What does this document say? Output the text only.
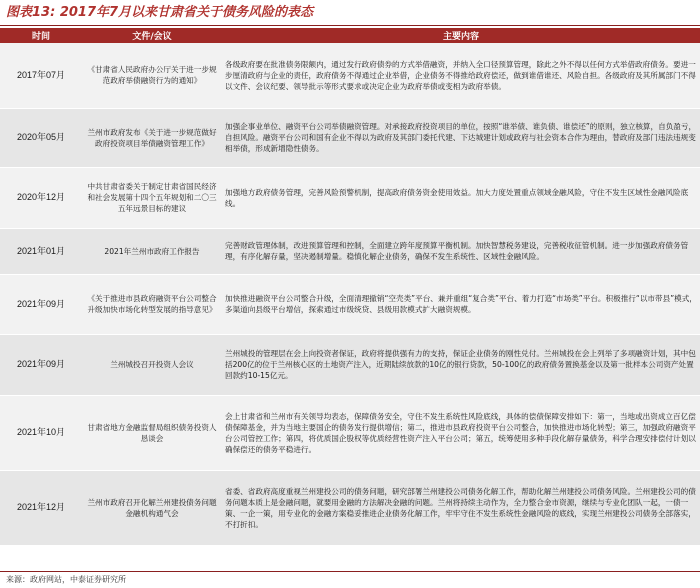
图表13: 2017年7月以来甘肃省关于债务风险的表态
时间	文件/会议	主要内容
2017年07月	《甘肃省人民政府办公厅关于进一步规范政府举债融资行为的通知》	各级政府要在批准债务限额内，通过发行政府债券的方式举借融资，并纳入全口径预算管理，除此之外不得以任何方式举借政府债务。要进一步厘清政府与企业的责任，政府债务不得通过企业举借，企业债务不得推给政府偿还，做到谁借谁还、风险自担。各级政府及其所属部门不得以文件、会议纪要、领导批示等形式要求或决定企业为政府举债或变相为政府举债。
2020年05月	兰州市政府发布《关于进一步规范做好政府投资项目举债融资管理工作》	加强企事业单位、融资平台公司举债融资管理。对承接政府投资项目的单位，按照“谁举债、谁负债、谁偿还”的原则，独立核算，自负盈亏，自担风险。融资平台公司和国有企业不得以为政府及其部门委托代建、下达城建计划或政府与社会资本合作为理由，替政府及部门违法违规变相举债，形成新增隐性债务。
2020年12月	中共甘肃省委关于制定甘肃省国民经济和社会发展第十四个五年规划和二〇三五年远景目标的建议	加强地方政府债务管理，完善风险预警机制，提高政府债务资金使用效益。加大力度处置重点领域金融风险，守住不发生区域性金融风险底线。
2021年01月	2021年兰州市政府工作报告	完善财政管理体制，改进预算管理和控制，全面建立跨年度预算平衡机制。加快智慧税务建设，完善税收征管机制。进一步加强政府债务管理，有序化解存量，坚决遏制增量。稳慎化解企业债务，确保不发生系统性、区域性金融风险。
2021年09月	《关于推进市县政府融资平台公司整合升级加快市场化转型发展的指导意见》	加快推进融资平台公司整合升级，全面清理撤销“空壳类”平台、兼并重组“复合类”平台、着力打造“市场类”平台。积极推行“以市带县”模式，多渠道向县级平台增信，探索通过市级统贷、县级用款模式扩大融资规模。
2021年09月	兰州城投召开投资人会议	兰州城投的管理层在会上向投资者保证，政府将提供强有力的支持，保证企业债务的刚性兑付。兰州城投在会上列举了多项融资计划，其中包括200亿的位于兰州核心区的土地资产注入，近期陆续放款的10亿的银行贷款，50-100亿的政府债务置换基金以及第一批样本公司资产处置回款约10-15亿元。
2021年10月	甘肃省地方金融监督局组织债务投资人恳谈会	会上甘肃省和兰州市有关领导均表态，保障债务安全，守住不发生系统性风险底线，具体的偿债保障安排如下：第一，当地或出资成立百亿偿债保障基金，并为当地主要国企的债务发行提供增信；第二，推进市县政府投资平台公司整合，加快推进市场化转型；第三，加强政府融资平台公司管控工作；第四，将优质国企股权等优质经营性资产注入平台公司；第五，统筹使用多种手段化解存量债务，科学合理安排偿付计划以确保偿还的债务平稳进行。
2021年12月	兰州市政府召开化解兰州建投债务问题金融机构通气会	省委、省政府高度重视兰州建投公司的债务问题，研究部署兰州建投公司债务化解工作，帮助化解兰州建投公司债务风险。兰州建投公司的债务问题本质上是金融问题，就要用金融的方法解决金融的问题。兰州将持续主动作为，全力整合金市资源，继续与专业化团队一起，一债一策、一企一策，用专业化的金融方案稳妥推进企业债务化解工作，牢牢守住不发生系统性金融风险的底线，实现兰州建投公司债务全部落实，不打折扣。
来源：政府网站，中泰证券研究所
